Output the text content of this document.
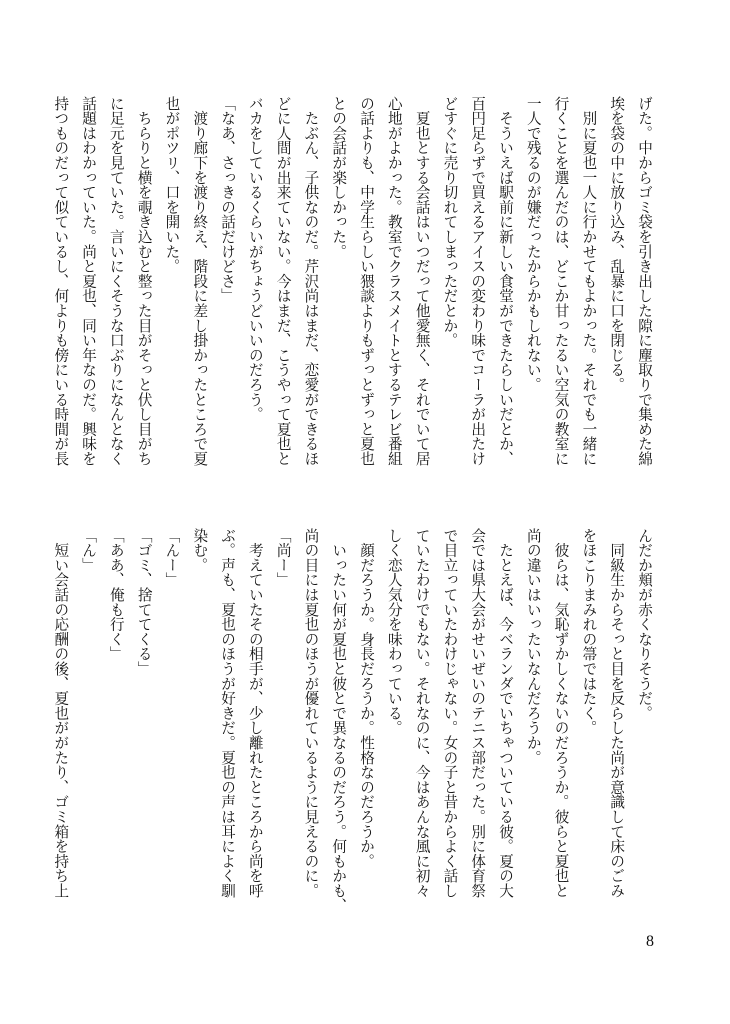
げた。中からゴミ袋を引き出した隙に塵取りで集めた綿
埃を袋の中に放り込み、乱暴に口を閉じる。
　別に夏也一人に行かせてもよかった。それでも一緒に
行くことを選んだのは、どこか甘ったるい空気の教室に
一人で残るのが嫌だったからかもしれない。
　そういえば駅前に新しい食堂ができたらしいだとか、
百円足らずで買えるアイスの変わり味でコーラが出たけ
どすぐに売り切れてしまっただとか。
　夏也とする会話はいつだって他愛無く、それでいて居
心地がよかった。教室でクラスメイトとするテレビ番組
の話よりも、中学生らしい猥談よりもずっとずっと夏也
との会話が楽しかった。
　たぶん、子供なのだ。芹沢尚はまだ、恋愛ができるほ
どに人間が出来ていない。今はまだ、こうやって夏也と
バカをしているくらいがちょうどいいのだろう。
「なあ、さっきの話だけどさ」
　渡り廊下を渡り終え、階段に差し掛かったところで夏
也がポツリ、口を開いた。
　ちらりと横を覗き込むと整った目がそっと伏し目がち
に足元を見ていた。言いにくそうな口ぶりになんとなく
話題はわかっていた。尚と夏也、同い年なのだ。興味を
持つものだって似ているし、何よりも傍にいる時間が長
んだか頬が赤くなりそうだ。
　同級生からそっと目を反らした尚が意識して床のごみ
をほこりまみれの箒ではたく。
　彼らは、気恥ずかしくないのだろうか。彼らと夏也と
尚の違いはいったいなんだろうか。
　たとえば、今ベランダでいちゃついている彼。夏の大
会では県大会がせいぜいのテニス部だった。別に体育祭
で目立っていたわけじゃない。女の子と昔からよく話し
ていたわけでもない。それなのに、今はあんな風に初々
しく恋人気分を味わっている。
　顔だろうか。身長だろうか。性格なのだろうか。
　いったい何が夏也と彼とで異なるのだろう。何もかも、
尚の目には夏也のほうが優れているように見えるのに。
「尚ー」
　考えていたその相手が、少し離れたところから尚を呼
ぶ。声も、夏也のほうが好きだ。夏也の声は耳によく馴
染む。
「んー」
「ゴミ、捨ててくる」
「ああ、俺も行く」
「ん」
　短い会話の応酬の後、夏也ががたり、ゴミ箱を持ち上
8
